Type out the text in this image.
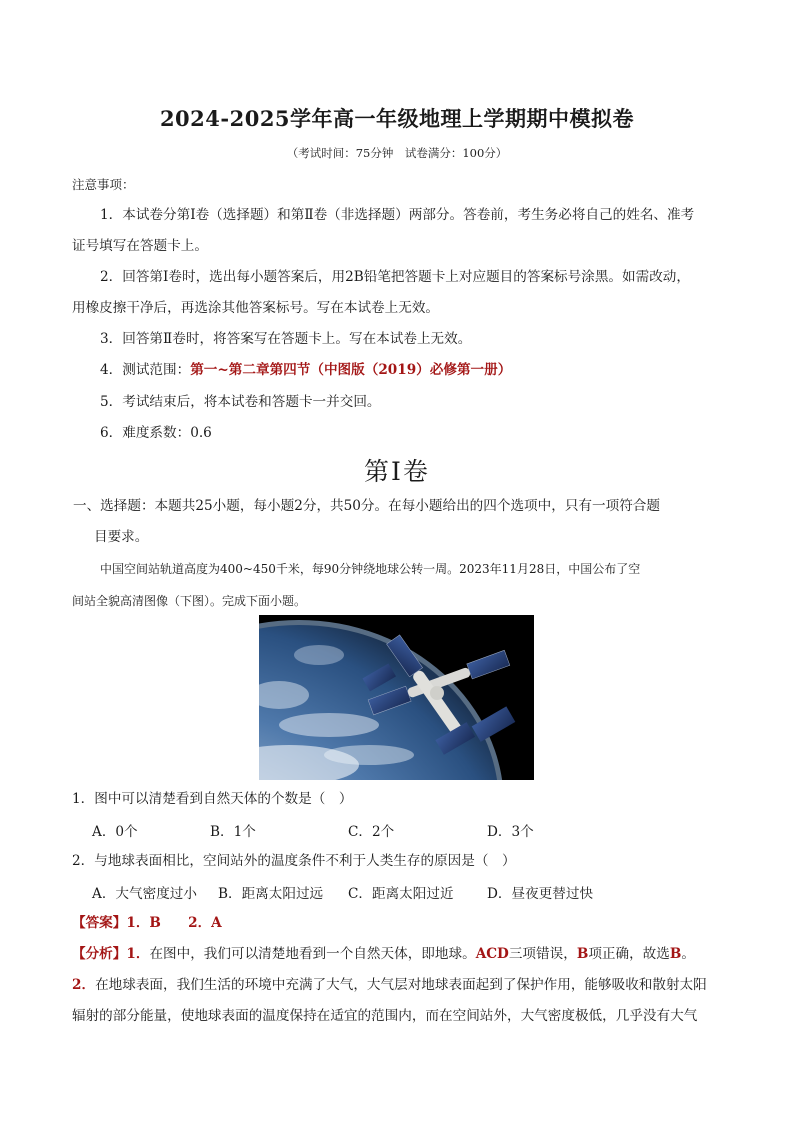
2024-2025学年高一年级地理上学期期中模拟卷
（考试时间：75分钟　试卷满分：100分）
注意事项：
1．本试卷分第Ⅰ卷（选择题）和第Ⅱ卷（非选择题）两部分。答卷前，考生务必将自己的姓名、准考
证号填写在答题卡上。
2．回答第Ⅰ卷时，选出每小题答案后，用2B铅笔把答题卡上对应题目的答案标号涂黑。如需改动，
用橡皮擦干净后，再选涂其他答案标号。写在本试卷上无效。
3．回答第Ⅱ卷时，将答案写在答题卡上。写在本试卷上无效。
4．测试范围：第一~第二章第四节（中图版（2019）必修第一册）
5．考试结束后，将本试卷和答题卡一并交回。
6．难度系数：0.6
第Ⅰ卷
一、选择题：本题共25小题，每小题2分，共50分。在每小题给出的四个选项中，只有一项符合题
目要求。
中国空间站轨道高度为400~450千米，每90分钟绕地球公转一周。2023年11月28日，中国公布了空
间站全貌高清图像（下图）。完成下面小题。
1．图中可以清楚看到自然天体的个数是（　）
A．0个	B．1个	C．2个	D．3个
2．与地球表面相比，空间站外的温度条件不利于人类生存的原因是（　）
A．大气密度过小 B．距离太阳过远 C．距离太阳过近 D．昼夜更替过快
【答案】1．B　　2．A
【分析】1．在图中，我们可以清楚地看到一个自然天体，即地球。ACD三项错误，B项正确，故选B。
2．在地球表面，我们生活的环境中充满了大气，大气层对地球表面起到了保护作用，能够吸收和散射太阳
辐射的部分能量，使地球表面的温度保持在适宜的范围内，而在空间站外，大气密度极低，几乎没有大气
